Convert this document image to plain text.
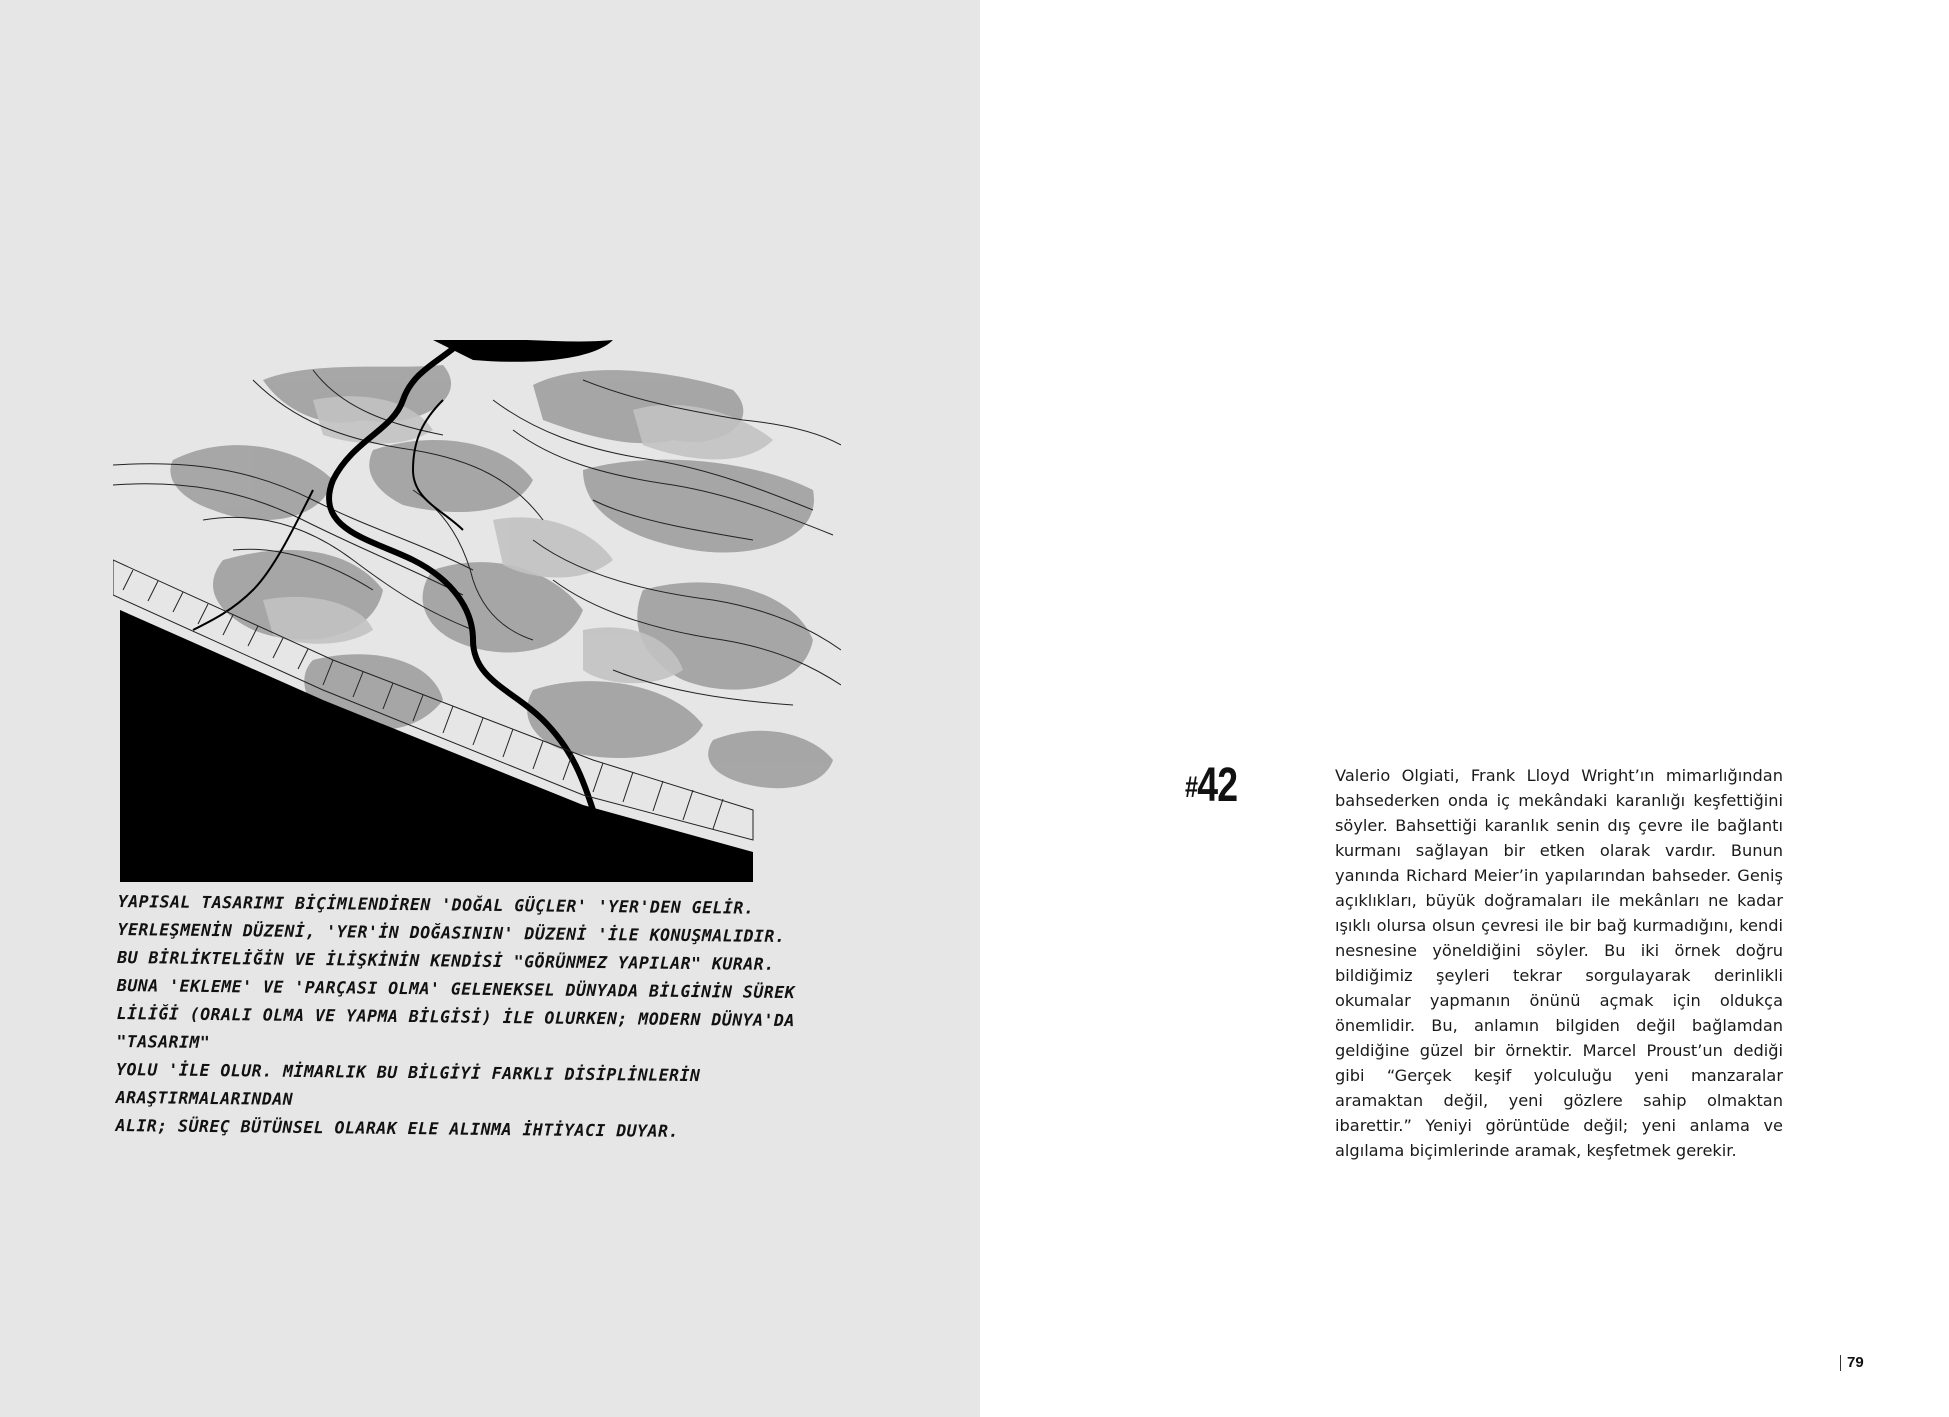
YAPISAL TASARIMI BİÇİMLENDİREN 'DOĞAL GÜÇLER' 'YER'DEN GELİR.
YERLEŞMENİN DÜZENİ, 'YER'İN DOĞASININ' DÜZENİ 'İLE KONUŞMALIDIR.
BU BİRLİKTELİĞİN VE İLİŞKİNİN KENDİSİ "GÖRÜNMEZ YAPILAR" KURAR.
BUNA 'EKLEME' VE 'PARÇASI OLMA' GELENEKSEL DÜNYADA BİLGİNİN SÜREK
LİLİĞİ (ORALI OLMA VE YAPMA BİLGİSİ) İLE OLURKEN; MODERN DÜNYA'DA "TASARIM"
YOLU 'İLE OLUR. MİMARLIK BU BİLGİYİ FARKLI DİSİPLİNLERİN ARAŞTIRMALARINDAN
ALIR; SÜREÇ BÜTÜNSEL OLARAK ELE ALINMA İHTİYACI DUYAR.
#42	Valerio Olgiati, Frank Lloyd Wright’ın mimarlığından bahsederken onda iç mekândaki karanlığı keşfettiğini söyler. Bahsettiği karanlık senin dış çevre ile bağlantı kurmanı sağlayan bir etken olarak vardır. Bunun yanında Richard Meier’in yapılarından bahseder. Geniş açıklıkları, büyük doğramaları ile mekânları ne kadar ışıklı olursa olsun çevresi ile bir bağ kurmadığını, kendi nesnesine yöneldiğini söyler. Bu iki örnek doğru bildiğimiz şeyleri tekrar sorgulayarak derinlikli okumalar yapmanın önünü açmak için oldukça önemlidir. Bu, anlamın bilgiden değil bağlamdan geldiğine güzel bir örnektir. Marcel Proust’un dediği gibi “Gerçek keşif yolculuğu yeni manzaralar aramaktan değil, yeni gözlere sahip olmaktan ibarettir.” Yeniyi görüntüde değil; yeni anlama ve algılama biçimlerinde aramak, keşfetmek gerekir.
79
